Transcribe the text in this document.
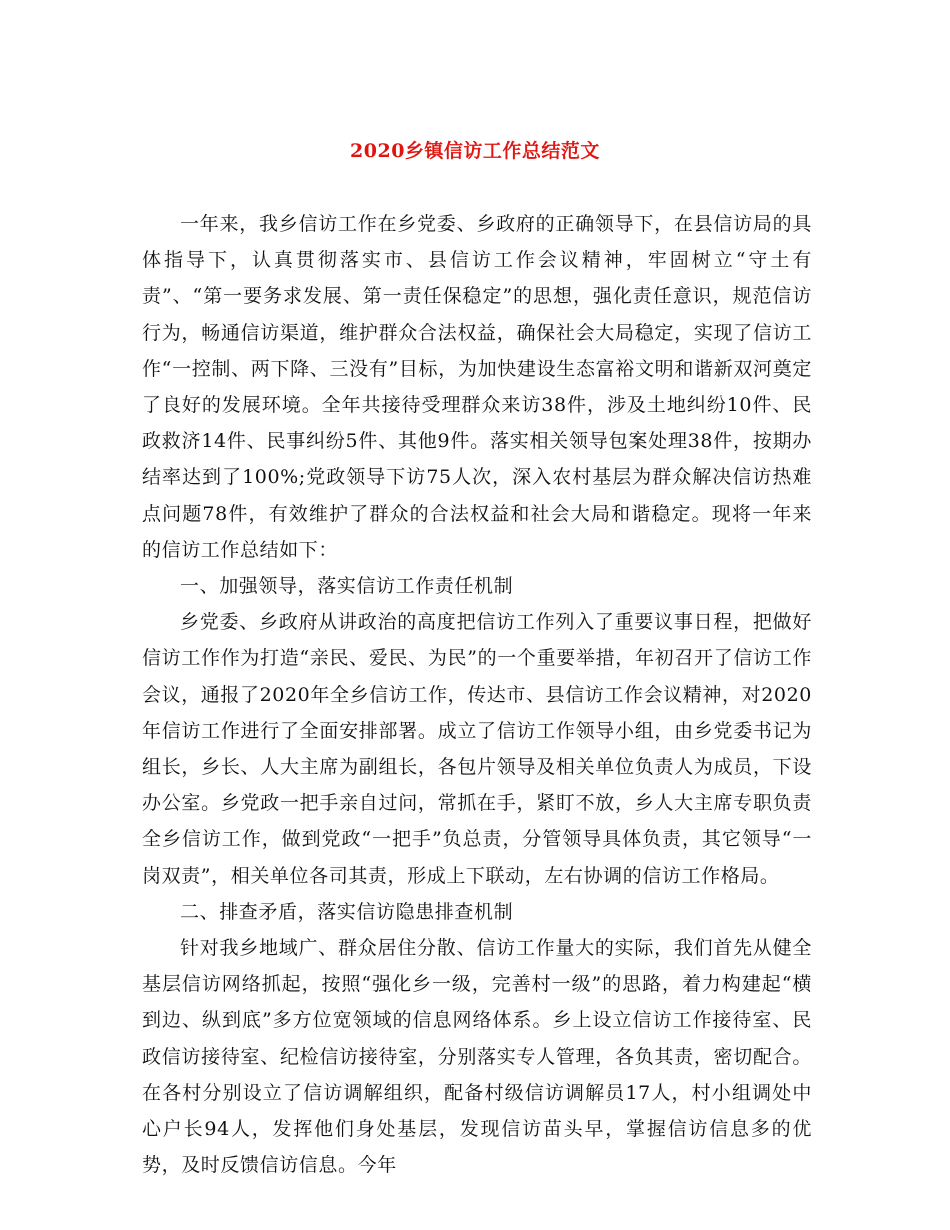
2020乡镇信访工作总结范文

一年来，我乡信访工作在乡党委、乡政府的正确领导下，在县信访局的具体指导下，认真贯彻落实市、县信访工作会议精神，牢固树立“守土有责”、“第一要务求发展、第一责任保稳定”的思想，强化责任意识，规范信访行为，畅通信访渠道，维护群众合法权益，确保社会大局稳定，实现了信访工作“一控制、两下降、三没有”目标，为加快建设生态富裕文明和谐新双河奠定了良好的发展环境。全年共接待受理群众来访38件，涉及土地纠纷10件、民政救济14件、民事纠纷5件、其他9件。落实相关领导包案处理38件，按期办结率达到了100%;党政领导下访75人次，深入农村基层为群众解决信访热难点问题78件，有效维护了群众的合法权益和社会大局和谐稳定。现将一年来的信访工作总结如下：

一、加强领导，落实信访工作责任机制

乡党委、乡政府从讲政治的高度把信访工作列入了重要议事日程，把做好信访工作作为打造“亲民、爱民、为民”的一个重要举措，年初召开了信访工作会议，通报了2020年全乡信访工作，传达市、县信访工作会议精神，对2020年信访工作进行了全面安排部署。成立了信访工作领导小组，由乡党委书记为组长，乡长、人大主席为副组长，各包片领导及相关单位负责人为成员，下设办公室。乡党政一把手亲自过问，常抓在手，紧盯不放，乡人大主席专职负责全乡信访工作，做到党政“一把手”负总责，分管领导具体负责，其它领导“一岗双责”，相关单位各司其责，形成上下联动，左右协调的信访工作格局。

二、排查矛盾，落实信访隐患排查机制

针对我乡地域广、群众居住分散、信访工作量大的实际，我们首先从健全基层信访网络抓起，按照“强化乡一级，完善村一级”的思路，着力构建起“横到边、纵到底”多方位宽领域的信息网络体系。乡上设立信访工作接待室、民政信访接待室、纪检信访接待室，分别落实专人管理，各负其责，密切配合。在各村分别设立了信访调解组织，配备村级信访调解员17人，村小组调处中心户长94人，发挥他们身处基层，发现信访苗头早，掌握信访信息多的优势，及时反馈信访信息。今年
